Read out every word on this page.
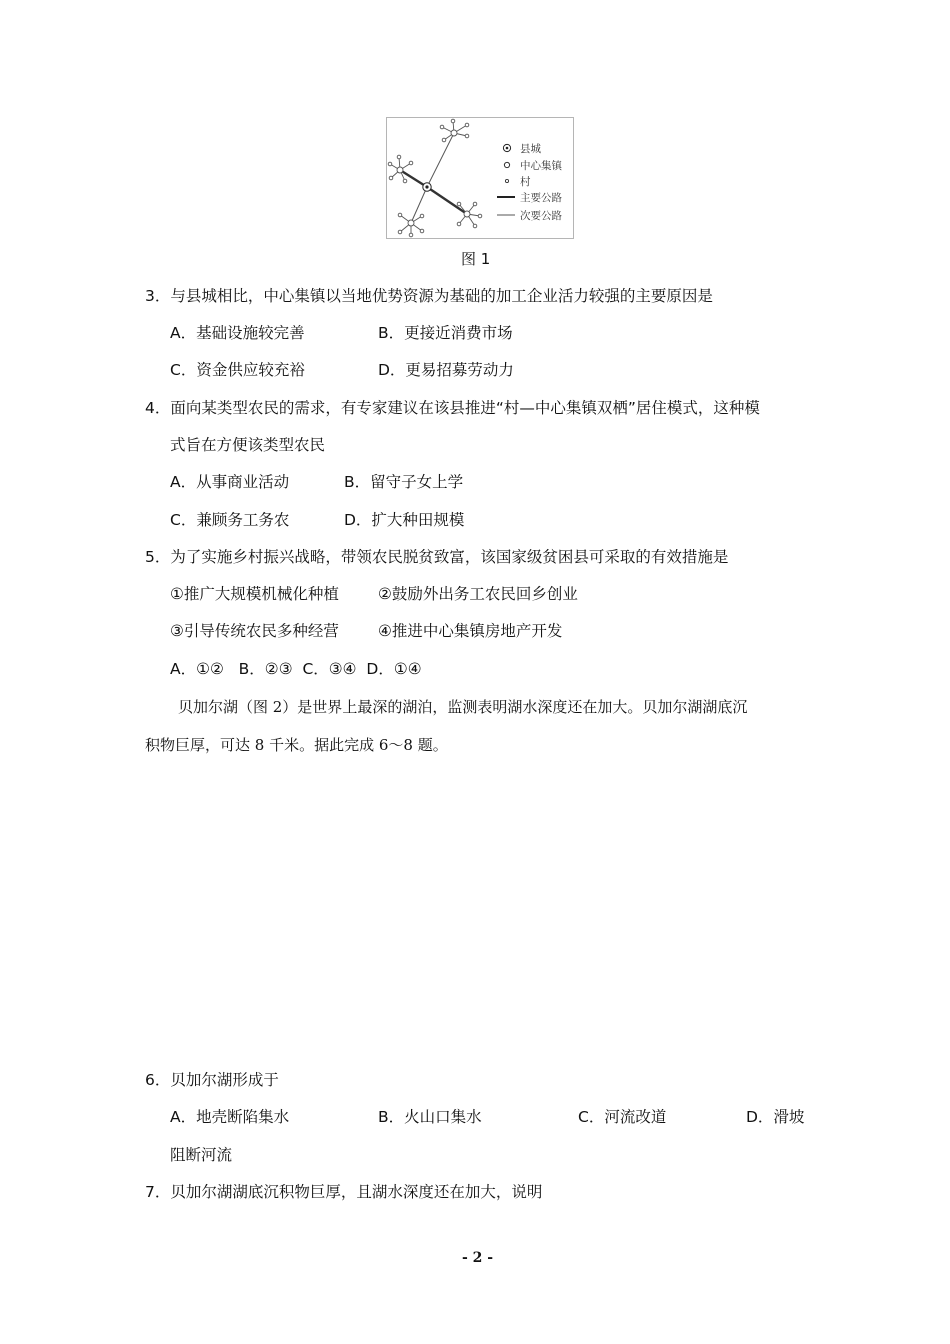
县城
中心集镇
村
主要公路
次要公路
图 1
3．与县城相比，中心集镇以当地优势资源为基础的加工企业活力较强的主要原因是
A．基础设施较完善	B．更接近消费市场
C．资金供应较充裕	D．更易招募劳动力
4．面向某类型农民的需求，有专家建议在该县推进“村—中心集镇双栖”居住模式，这种模
式旨在方便该类型农民
A．从事商业活动	B．留守子女上学
C．兼顾务工务农	D．扩大种田规模
5．为了实施乡村振兴战略，带领农民脱贫致富，该国家级贫困县可采取的有效措施是
①推广大规模机械化种植	②鼓励外出务工农民回乡创业
③引导传统农民多种经营	④推进中心集镇房地产开发
A．①②   B．②③  C．③④  D．①④
贝加尔湖（图 2）是世界上最深的湖泊，监测表明湖水深度还在加大。贝加尔湖湖底沉
积物巨厚，可达 8 千米。据此完成 6～8 题。
6．贝加尔湖形成于
A．地壳断陷集水	B．火山口集水	C．河流改道	D．滑坡
阻断河流
7．贝加尔湖湖底沉积物巨厚，且湖水深度还在加大，说明
- 2 -
